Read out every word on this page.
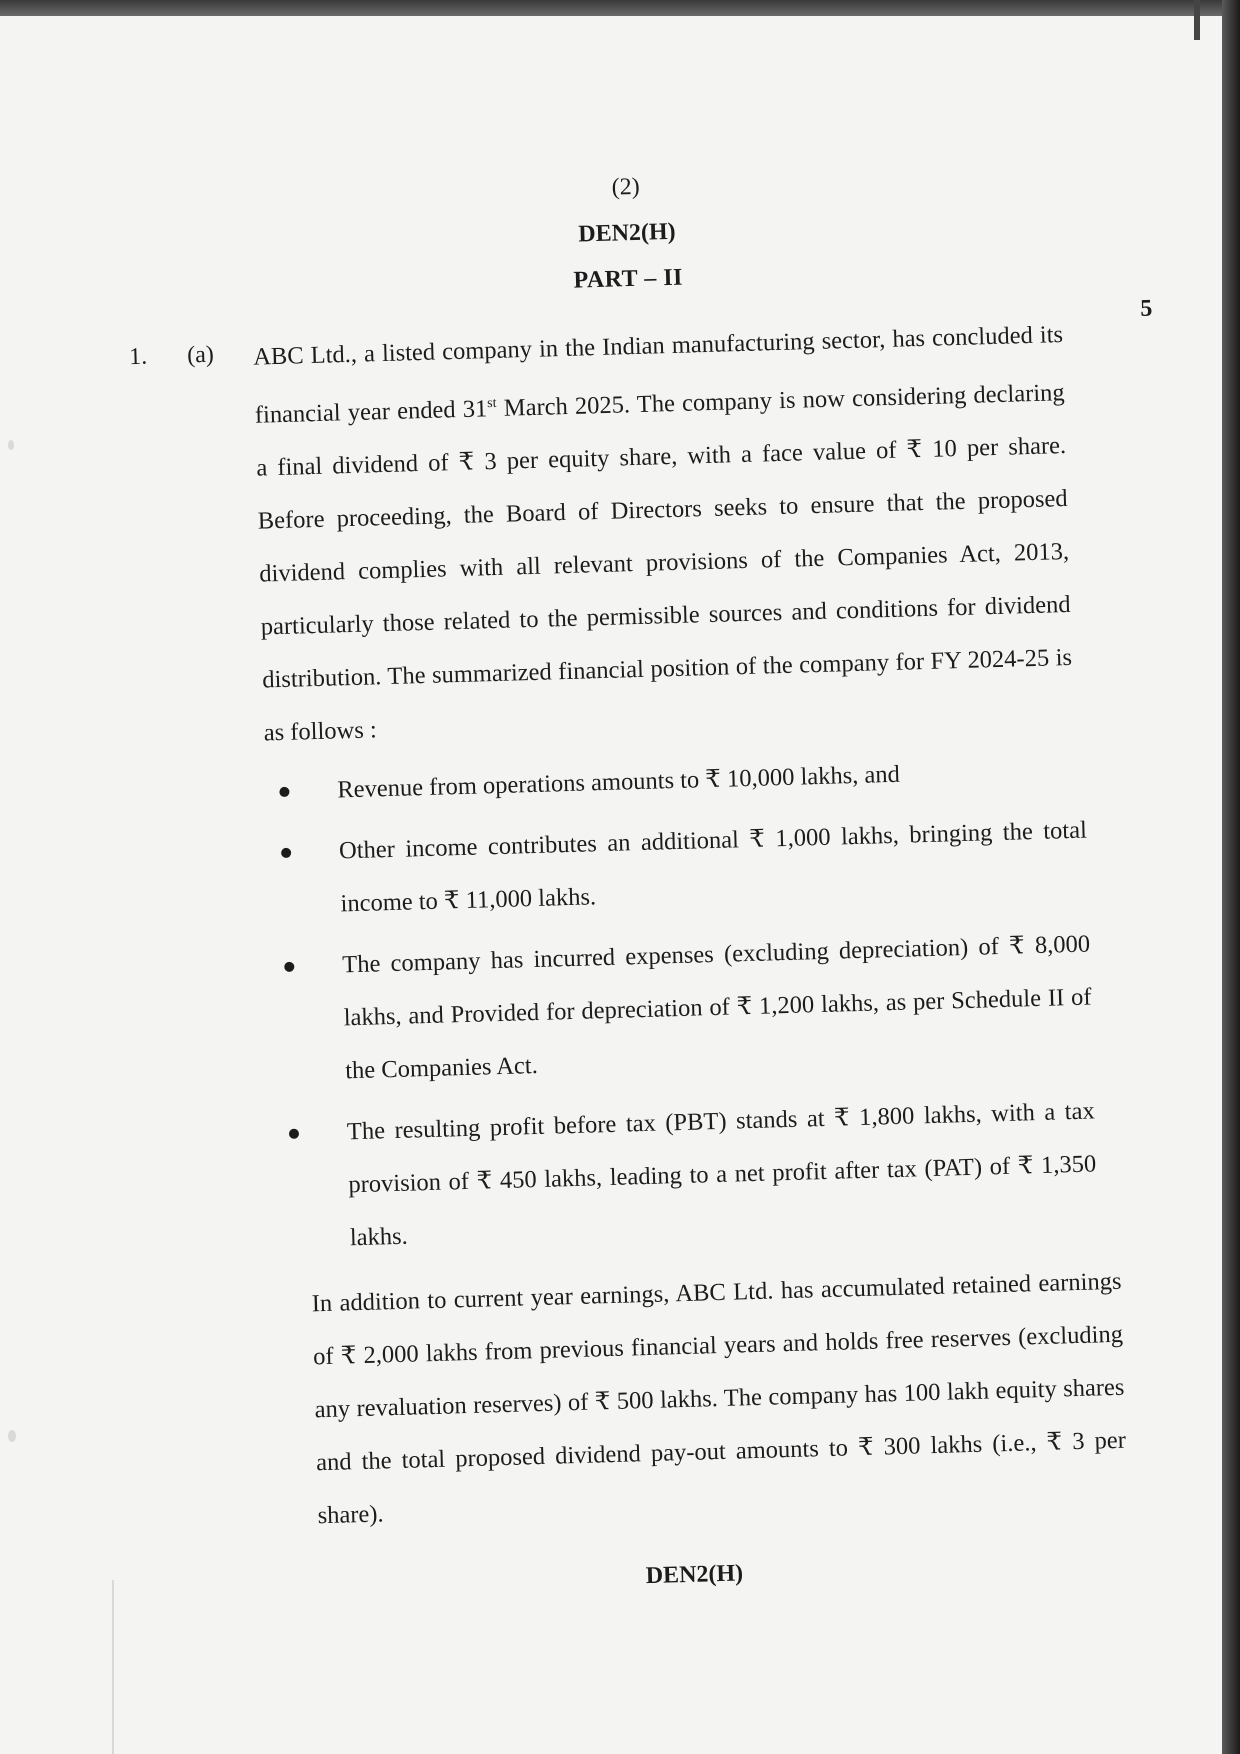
(2)
DEN2(H)
PART – II
1. (a)
5
ABC Ltd., a listed company in the Indian manufacturing sector, has concluded its financial year ended 31st March 2025. The company is now considering declaring a final dividend of ₹ 3 per equity share, with a face value of ₹ 10 per share. Before proceeding, the Board of Directors seeks to ensure that the proposed dividend complies with all relevant provisions of the Companies Act, 2013, particularly those related to the permissible sources and conditions for dividend distribution. The summarized financial position of the company for FY 2024-25 is as follows :
Revenue from operations amounts to ₹ 10,000 lakhs, and
Other income contributes an additional ₹ 1,000 lakhs, bringing the total income to ₹ 11,000 lakhs.
The company has incurred expenses (excluding depreciation) of ₹ 8,000 lakhs, and Provided for depreciation of ₹ 1,200 lakhs, as per Schedule II of the Companies Act.
The resulting profit before tax (PBT) stands at ₹ 1,800 lakhs, with a tax provision of ₹ 450 lakhs, leading to a net profit after tax (PAT) of ₹ 1,350 lakhs.
In addition to current year earnings, ABC Ltd. has accumulated retained earnings of ₹ 2,000 lakhs from previous financial years and holds free reserves (excluding any revaluation reserves) of ₹ 500 lakhs. The company has 100 lakh equity shares and the total proposed dividend pay-out amounts to ₹ 300 lakhs (i.e., ₹ 3 per share).
DEN2(H)
